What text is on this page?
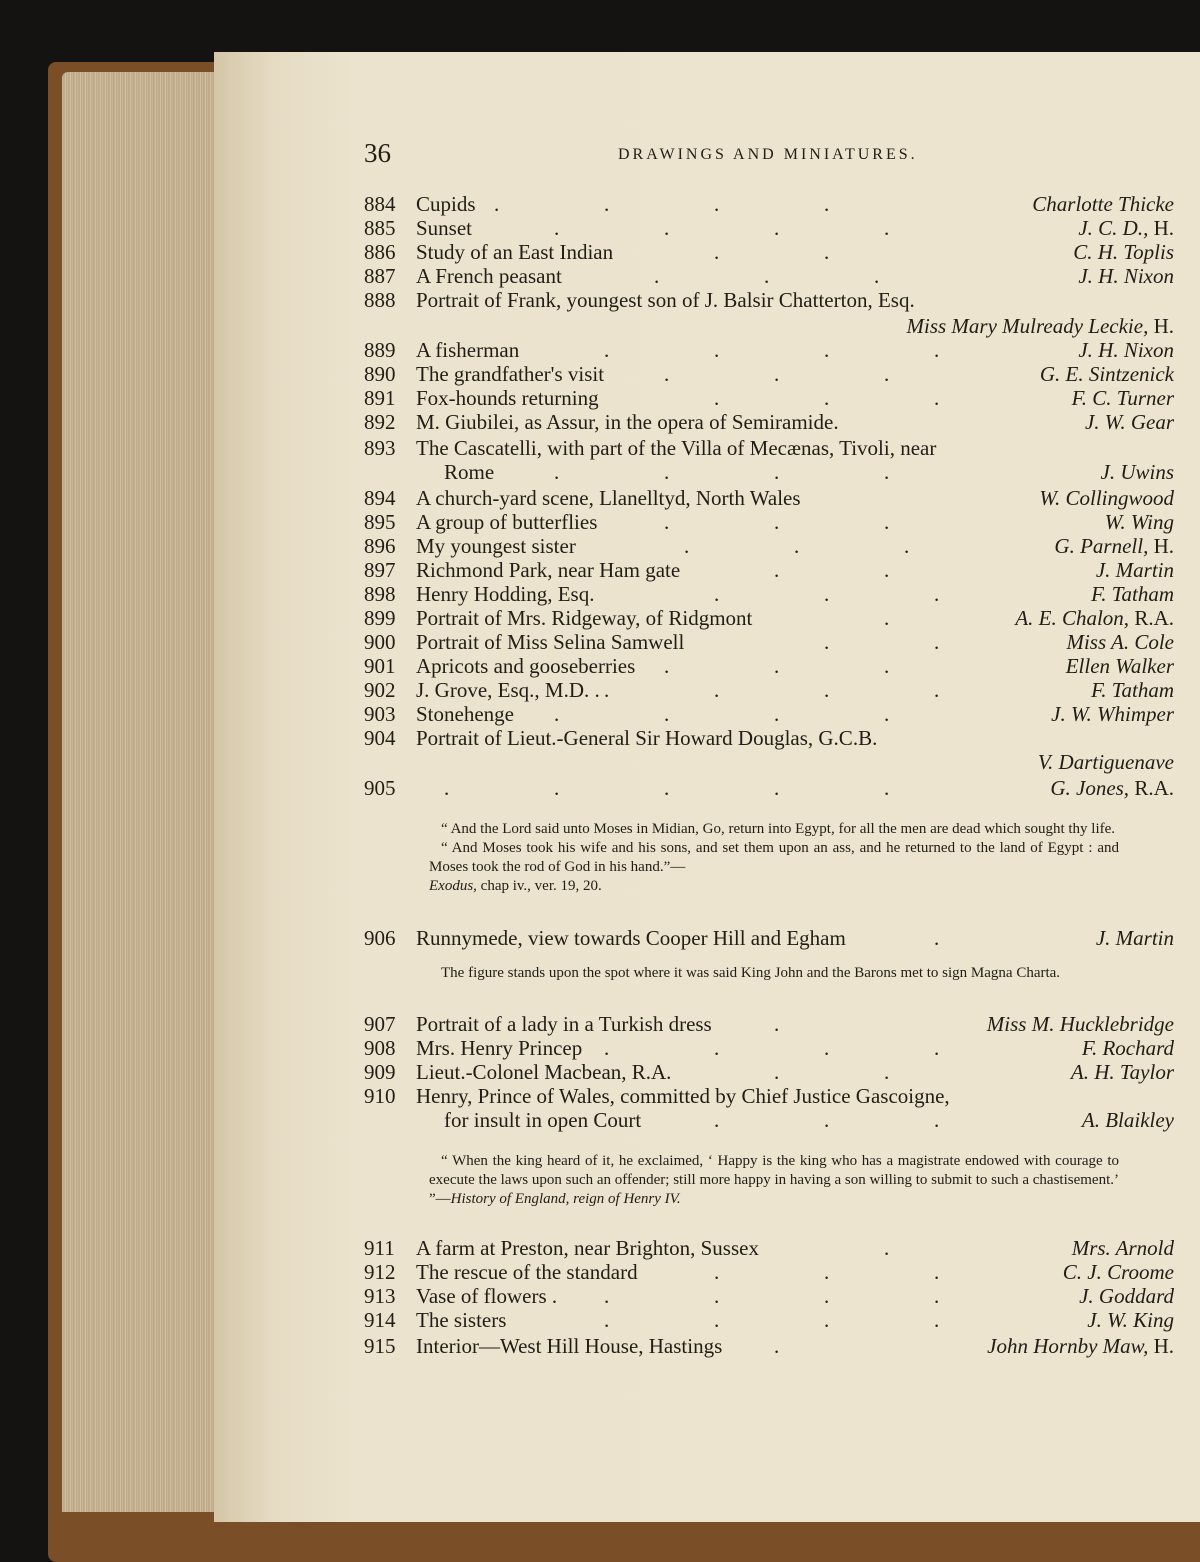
36	DRAWINGS AND MINIATURES.
884 Cupids .	.	.	.	Charlotte Thicke
885 Sunset	.	.	.	.	J. C. D., H.
886 Study of an East Indian	.	.	C. H. Toplis
887 A French peasant	.	.	.	J. H. Nixon
888 Portrait of Frank, youngest son of J. Balsir Chatterton, Esq.
Miss Mary Mulready Leckie, H.
889 A fisherman	.	.	.	.	J. H. Nixon
890 The grandfather's visit	.	.	.	G. E. Sintzenick
891 Fox-hounds returning	.	.	.	F. C. Turner
892 M. Giubilei, as Assur, in the opera of Semiramide.	J. W. Gear
893 The Cascatelli, with part of the Villa of Mecænas, Tivoli, near
Rome	.	.	.	.	J. Uwins
894 A church-yard scene, Llanelltyd, North Wales	W. Collingwood
895 A group of butterflies	.	.	.	W. Wing
896 My youngest sister	.	.	.	G. Parnell, H.
897 Richmond Park, near Ham gate	.	.	J. Martin
898 Henry Hodding, Esq.	.	.	.	F. Tatham
899 Portrait of Mrs. Ridgeway, of Ridgmont	.	A. E. Chalon, R.A.
900 Portrait of Miss Selina Samwell	.	.	Miss A. Cole
901 Apricots and gooseberries .	.	.	Ellen Walker
902 J. Grove, Esq., M.D. . .	.	.	.	F. Tatham
903 Stonehenge .	.	.	.	J. W. Whimper
904 Portrait of Lieut.-General Sir Howard Douglas, G.C.B.
V. Dartiguenave
905	.	.	.	.	.	G. Jones, R.A.
906 Runnymede, view towards Cooper Hill and Egham	.	J. Martin
907 Portrait of a lady in a Turkish dress	.	Miss M. Hucklebridge
908 Mrs. Henry Princep .	.	.	.	F. Rochard
909 Lieut.-Colonel Macbean, R.A.	.	.	A. H. Taylor
910 Henry, Prince of Wales, committed by Chief Justice Gascoigne,
for insult in open Court	.	.	.	A. Blaikley
911	A farm at Preston, near Brighton, Sussex	.	Mrs. Arnold
912 The rescue of the standard	.	.	.	C. J. Croome
913 Vase of flowers . .	.	.	.	J. Goddard
914 The sisters	.	.	.	.	J. W. King
915 Interior—West Hill House, Hastings .	John Hornby Maw, H.

“ And the Lord said unto Moses in Midian, Go, return into Egypt, for all the men are dead which sought thy life.

“ And Moses took his wife and his sons, and set them upon an ass, and he returned to the land of Egypt : and Moses took the rod of God in his hand.”—

Exodus, chap iv., ver. 19, 20.

The figure stands upon the spot where it was said King John and the Barons met to sign Magna Charta.

“ When the king heard of it, he exclaimed, ‘ Happy is the king who has a magistrate endowed with courage to execute the laws upon such an offender; still more happy in having a son willing to submit to such a chastisement.’ ”—History of England, reign of Henry IV.
